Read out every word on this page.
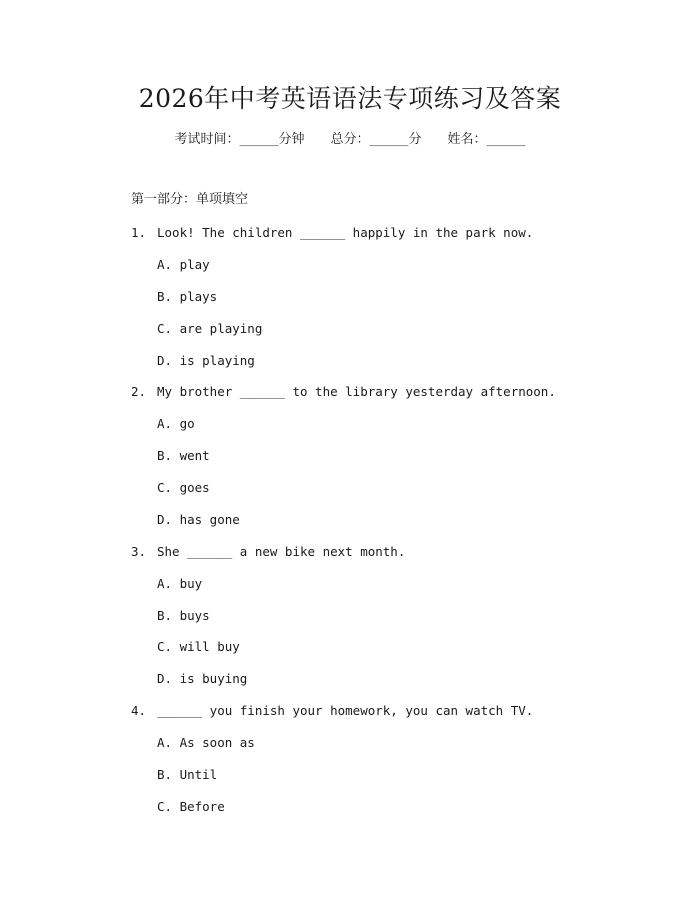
2026年中考英语语法专项练习及答案
考试时间：______分钟 总分：______分 姓名：______
第一部分：单项填空
1. Look! The children ______ happily in the park now.
A. play
B. plays
C. are playing
D. is playing
2. My brother ______ to the library yesterday afternoon.
A. go
B. went
C. goes
D. has gone
3. She ______ a new bike next month.
A. buy
B. buys
C. will buy
D. is buying
4. ______ you finish your homework, you can watch TV.
A. As soon as
B. Until
C. Before
